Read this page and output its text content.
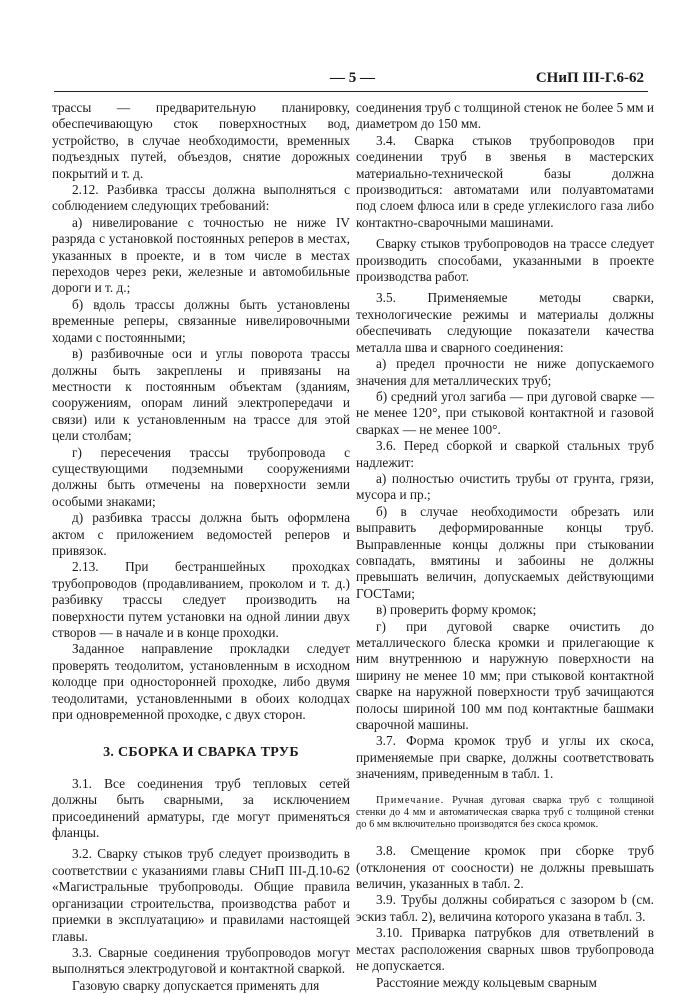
— 5 —	СНиП III-Г.6-62

трассы — предварительную планировку, обеспечивающую сток поверхностных вод, устройство, в случае необходимости, временных подъездных путей, объездов, снятие дорожных покрытий и т. д.

2.12. Разбивка трассы должна выполняться с соблюдением следующих требований:

а) нивелирование с точностью не ниже IV разряда с установкой постоянных реперов в местах, указанных в проекте, и в том числе в местах переходов через реки, железные и автомобильные дороги и т. д.;

б) вдоль трассы должны быть установлены временные реперы, связанные нивелировочными ходами с постоянными;

в) разбивочные оси и углы поворота трассы должны быть закреплены и привязаны на местности к постоянным объектам (зданиям, сооружениям, опорам линий электропередачи и связи) или к установленным на трассе для этой цели столбам;

г) пересечения трассы трубопровода с существующими подземными сооружениями должны быть отмечены на поверхности земли особыми знаками;

д) разбивка трассы должна быть оформлена актом с приложением ведомостей реперов и привязок.

2.13. При бестраншейных проходках трубопроводов (продавливанием, проколом и т. д.) разбивку трассы следует производить на поверхности путем установки на одной линии двух створов — в начале и в конце проходки.

Заданное направление прокладки следует проверять теодолитом, установленным в исходном колодце при односторонней проходке, либо двумя теодолитами, установленными в обоих колодцах при одновременной проходке, с двух сторон.

3. СБОРКА И СВАРКА ТРУБ

3.1. Все соединения труб тепловых сетей должны быть сварными, за исключением присоединений арматуры, где могут применяться фланцы.

3.2. Сварку стыков труб следует производить в соответствии с указаниями главы СНиП III-Д.10-62 «Магистральные трубопроводы. Общие правила организации строительства, производства работ и приемки в эксплуатацию» и правилами настоящей главы.

3.3. Сварные соединения трубопроводов могут выполняться электродуговой и контактной сваркой.

Газовую сварку допускается применять для

соединения труб с толщиной стенок не более 5 мм и диаметром до 150 мм.

3.4. Сварка стыков трубопроводов при соединении труб в звенья в мастерских материально-технической базы должна производиться: автоматами или полуавтоматами под слоем флюса или в среде углекислого газа либо контактно-сварочными машинами.

Сварку стыков трубопроводов на трассе следует производить способами, указанными в проекте производства работ.

3.5. Применяемые методы сварки, технологические режимы и материалы должны обеспечивать следующие показатели качества металла шва и сварного соединения:

а) предел прочности не ниже допускаемого значения для металлических труб;

б) средний угол загиба — при дуговой сварке — не менее 120°, при стыковой контактной и газовой сварках — не менее 100°.

3.6. Перед сборкой и сваркой стальных труб надлежит:

а) полностью очистить трубы от грунта, грязи, мусора и пр.;

б) в случае необходимости обрезать или выправить деформированные концы труб. Выправленные концы должны при стыковании совпадать, вмятины и забоины не должны превышать величин, допускаемых действующими ГОСТами;

в) проверить форму кромок;

г) при дуговой сварке очистить до металлического блеска кромки и прилегающие к ним внутреннюю и наружную поверхности на ширину не менее 10 мм; при стыковой контактной сварке на наружной поверхности труб зачищаются полосы шириной 100 мм под контактные башмаки сварочной машины.

3.7. Форма кромок труб и углы их скоса, применяемые при сварке, должны соответствовать значениям, приведенным в табл. 1.

Примечание. Ручная дуговая сварка труб с толщиной стенки до 4 мм и автоматическая сварка труб с толщиной стенки до 6 мм включительно производятся без скоса кромок.

3.8. Смещение кромок при сборке труб (отклонения от соосности) не должны превышать величин, указанных в табл. 2.

3.9. Трубы должны собираться с зазором b (см. эскиз табл. 2), величина которого указана в табл. 3.

3.10. Приварка патрубков для ответвлений в местах расположения сварных швов трубопровода не допускается.

Расстояние между кольцевым сварным
